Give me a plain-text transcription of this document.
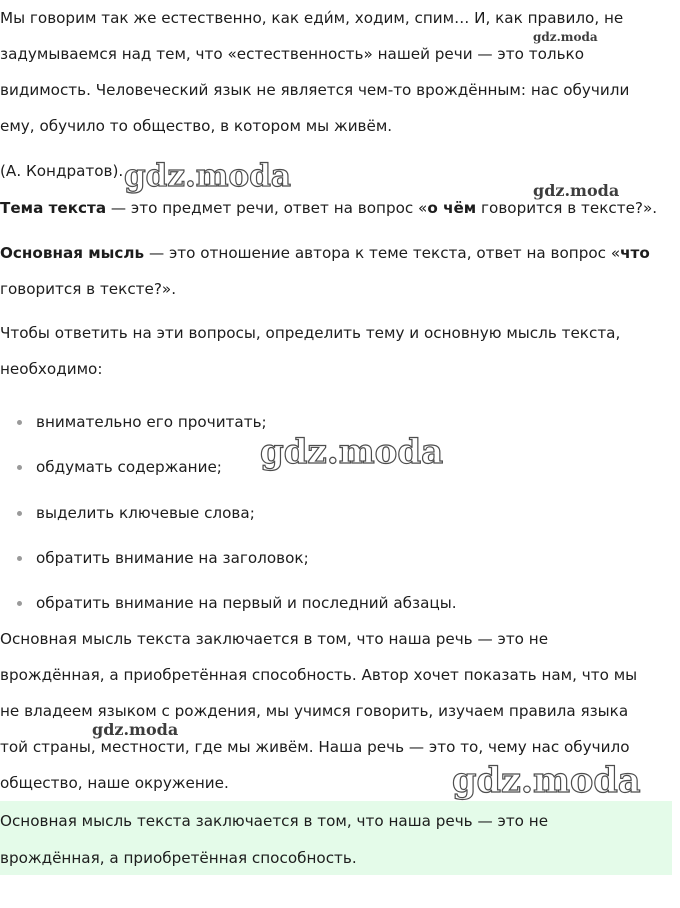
Мы говорим так же естественно, как еди́м, ходим, спим… И, как правило, не

задумываемся над тем, что «естественность» нашей речи — это только

видимость. Человеческий язык не является чем-то врождённым: нас обучили

ему, обучило то общество, в котором мы живём.

(А. Кондратов).

Тема текста — это предмет речи, ответ на вопрос «о чём говорится в тексте?».

Основная мысль — это отношение автора к теме текста, ответ на вопрос «что

говорится в тексте?».

Чтобы ответить на эти вопросы, определить тему и основную мысль текста,

необходимо:

внимательно его прочитать;
обдумать содержание;
выделить ключевые слова;
обратить внимание на заголовок;
обратить внимание на первый и последний абзацы.

Основная мысль текста заключается в том, что наша речь — это не

врождённая, а приобретённая способность. Автор хочет показать нам, что мы

не владеем языком с рождения, мы учимся говорить, изучаем правила языка

той страны, местности, где мы живём. Наша речь — это то, чему нас обучило

общество, наше окружение.

Основная мысль текста заключается в том, что наша речь — это не

врождённая, а приобретённая способность.

gdz.moda
gdz.moda	gdz.moda
gdz.moda
gdz.moda
gdz.moda
